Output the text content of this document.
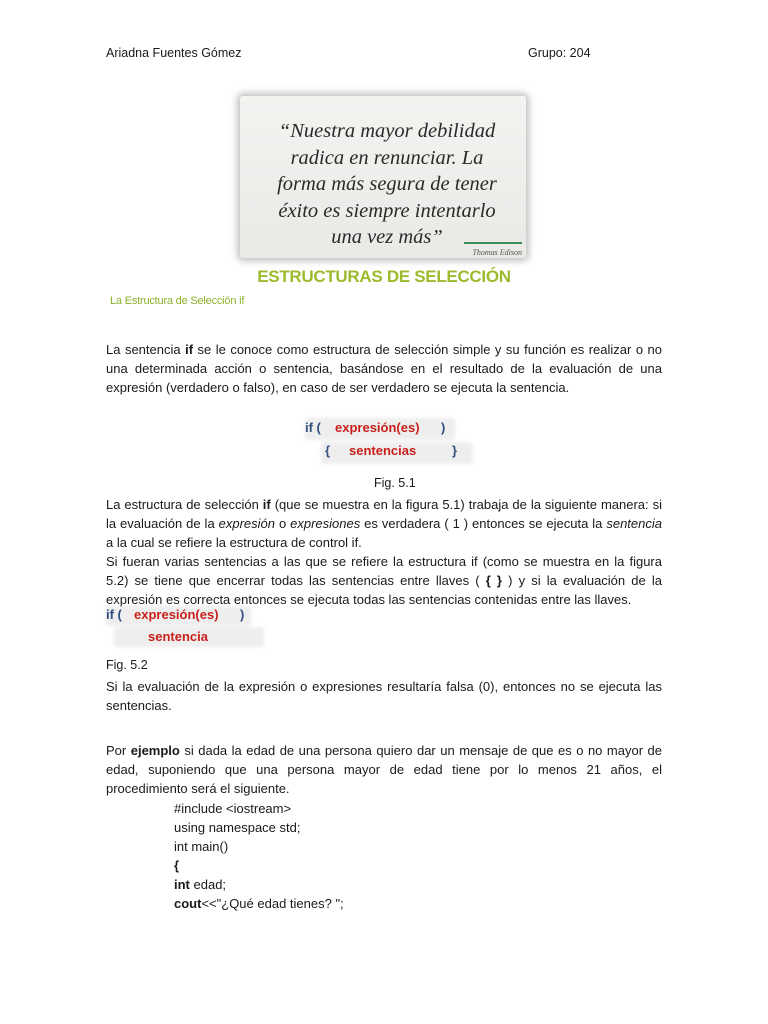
Ariadna Fuentes Gómez	Grupo: 204
“Nuestra mayor debilidad
radica en renunciar. La
forma más segura de tener
éxito es siempre intentarlo
una vez más”
Thomas Edison
ESTRUCTURAS DE SELECCIÓN
La Estructura de Selección if
La sentencia if se le conoce como estructura de selección simple y su función es realizar o no una determinada acción o sentencia, basándose en el resultado de la evaluación de una expresión (verdadero o falso), en caso de ser verdadero se ejecuta la sentencia.
if ( expresión(es) )
{ sentencias	}
Fig. 5.1
La estructura de selección if (que se muestra en la figura 5.1) trabaja de la siguiente manera: si la evaluación de la expresión o expresiones es verdadera ( 1 ) entonces se ejecuta la sentencia a la cual se refiere la estructura de control if.
Si fueran varias sentencias a las que se refiere la estructura if (como se muestra en la figura 5.2) se tiene que encerrar todas las sentencias entre llaves ( { } ) y si la evaluación de la expresión es correcta entonces se ejecuta todas las sentencias contenidas entre las llaves.
if ( expresión(es) )
sentencia
Fig. 5.2
Si la evaluación de la expresión o expresiones resultaría falsa (0), entonces no se ejecuta las sentencias.
Por ejemplo si dada la edad de una persona quiero dar un mensaje de que es o no mayor de edad, suponiendo que una persona mayor de edad tiene por lo menos 21 años, el procedimiento será el siguiente.
#include <iostream>
using namespace std;
int main()
{
int edad;
cout<<"¿Qué edad tienes? ";
